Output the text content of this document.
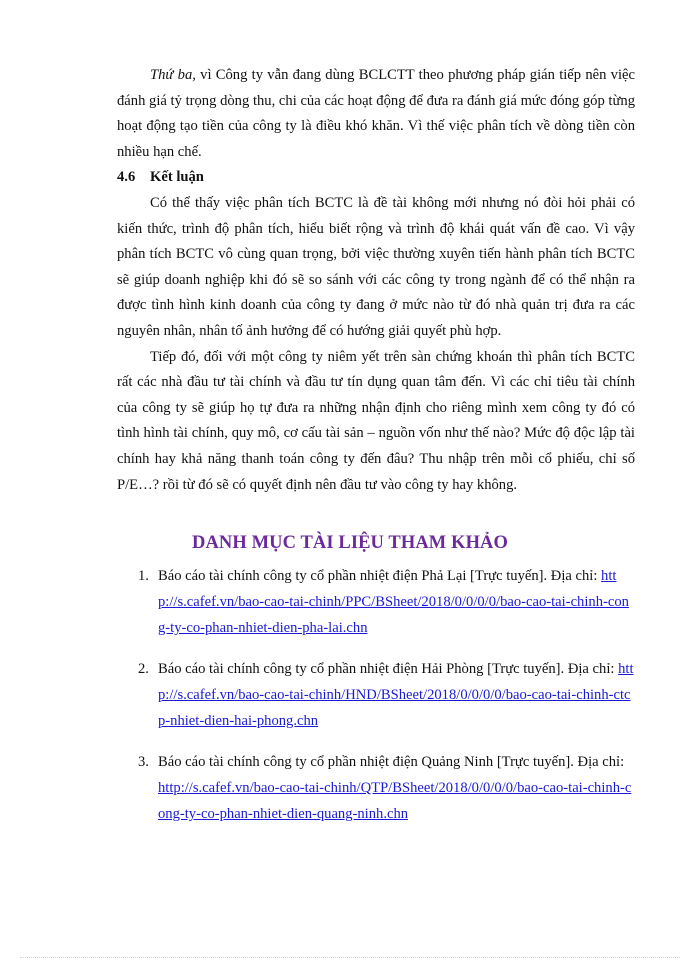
Thứ ba, vì Công ty vẫn đang dùng BCLCTT theo phương pháp gián tiếp nên việc đánh giá tỷ trọng dòng thu, chi của các hoạt động để đưa ra đánh giá mức đóng góp từng hoạt động tạo tiền của công ty là điều khó khăn. Vì thế việc phân tích về dòng tiền còn nhiều hạn chế.

4.6	Kết luận

Có thể thấy việc phân tích BCTC là đề tài không mới nhưng nó đòi hỏi phải có kiến thức, trình độ phân tích, hiểu biết rộng và trình độ khái quát vấn đề cao. Vì vậy phân tích BCTC vô cùng quan trọng, bởi việc thường xuyên tiến hành phân tích BCTC sẽ giúp doanh nghiệp khi đó sẽ so sánh với các công ty trong ngành để có thể nhận ra được tình hình kinh doanh của công ty đang ở mức nào từ đó nhà quản trị đưa ra các nguyên nhân, nhân tố ảnh hưởng để có hướng giải quyết phù hợp.

Tiếp đó, đối với một công ty niêm yết trên sàn chứng khoán thì phân tích BCTC rất các nhà đầu tư tài chính và đầu tư tín dụng quan tâm đến. Vì các chỉ tiêu tài chính của công ty sẽ giúp họ tự đưa ra những nhận định cho riêng mình xem công ty đó có tình hình tài chính, quy mô, cơ cấu tài sản – nguồn vốn như thế nào? Mức độ độc lập tài chính hay khả năng thanh toán công ty đến đâu? Thu nhập trên mỗi cổ phiếu, chỉ số P/E…? rồi từ đó sẽ có quyết định nên đầu tư vào công ty hay không.

DANH MỤC TÀI LIỆU THAM KHẢO
1. Báo cáo tài chính công ty cổ phần nhiệt điện Phả Lại [Trực tuyến]. Địa chỉ: http://s.cafef.vn/bao-cao-tai-chinh/PPC/BSheet/2018/0/0/0/0/bao-cao-tai-chinh-cong-ty-co-phan-nhiet-dien-pha-lai.chn
2. Báo cáo tài chính công ty cổ phần nhiệt điện Hải Phòng [Trực tuyến]. Địa chỉ: http://s.cafef.vn/bao-cao-tai-chinh/HND/BSheet/2018/0/0/0/0/bao-cao-tai-chinh-ctcp-nhiet-dien-hai-phong.chn
3. Báo cáo tài chính công ty cổ phần nhiệt điện Quảng Ninh [Trực tuyến]. Địa chỉ: http://s.cafef.vn/bao-cao-tai-chinh/QTP/BSheet/2018/0/0/0/0/bao-cao-tai-chinh-cong-ty-co-phan-nhiet-dien-quang-ninh.chn
